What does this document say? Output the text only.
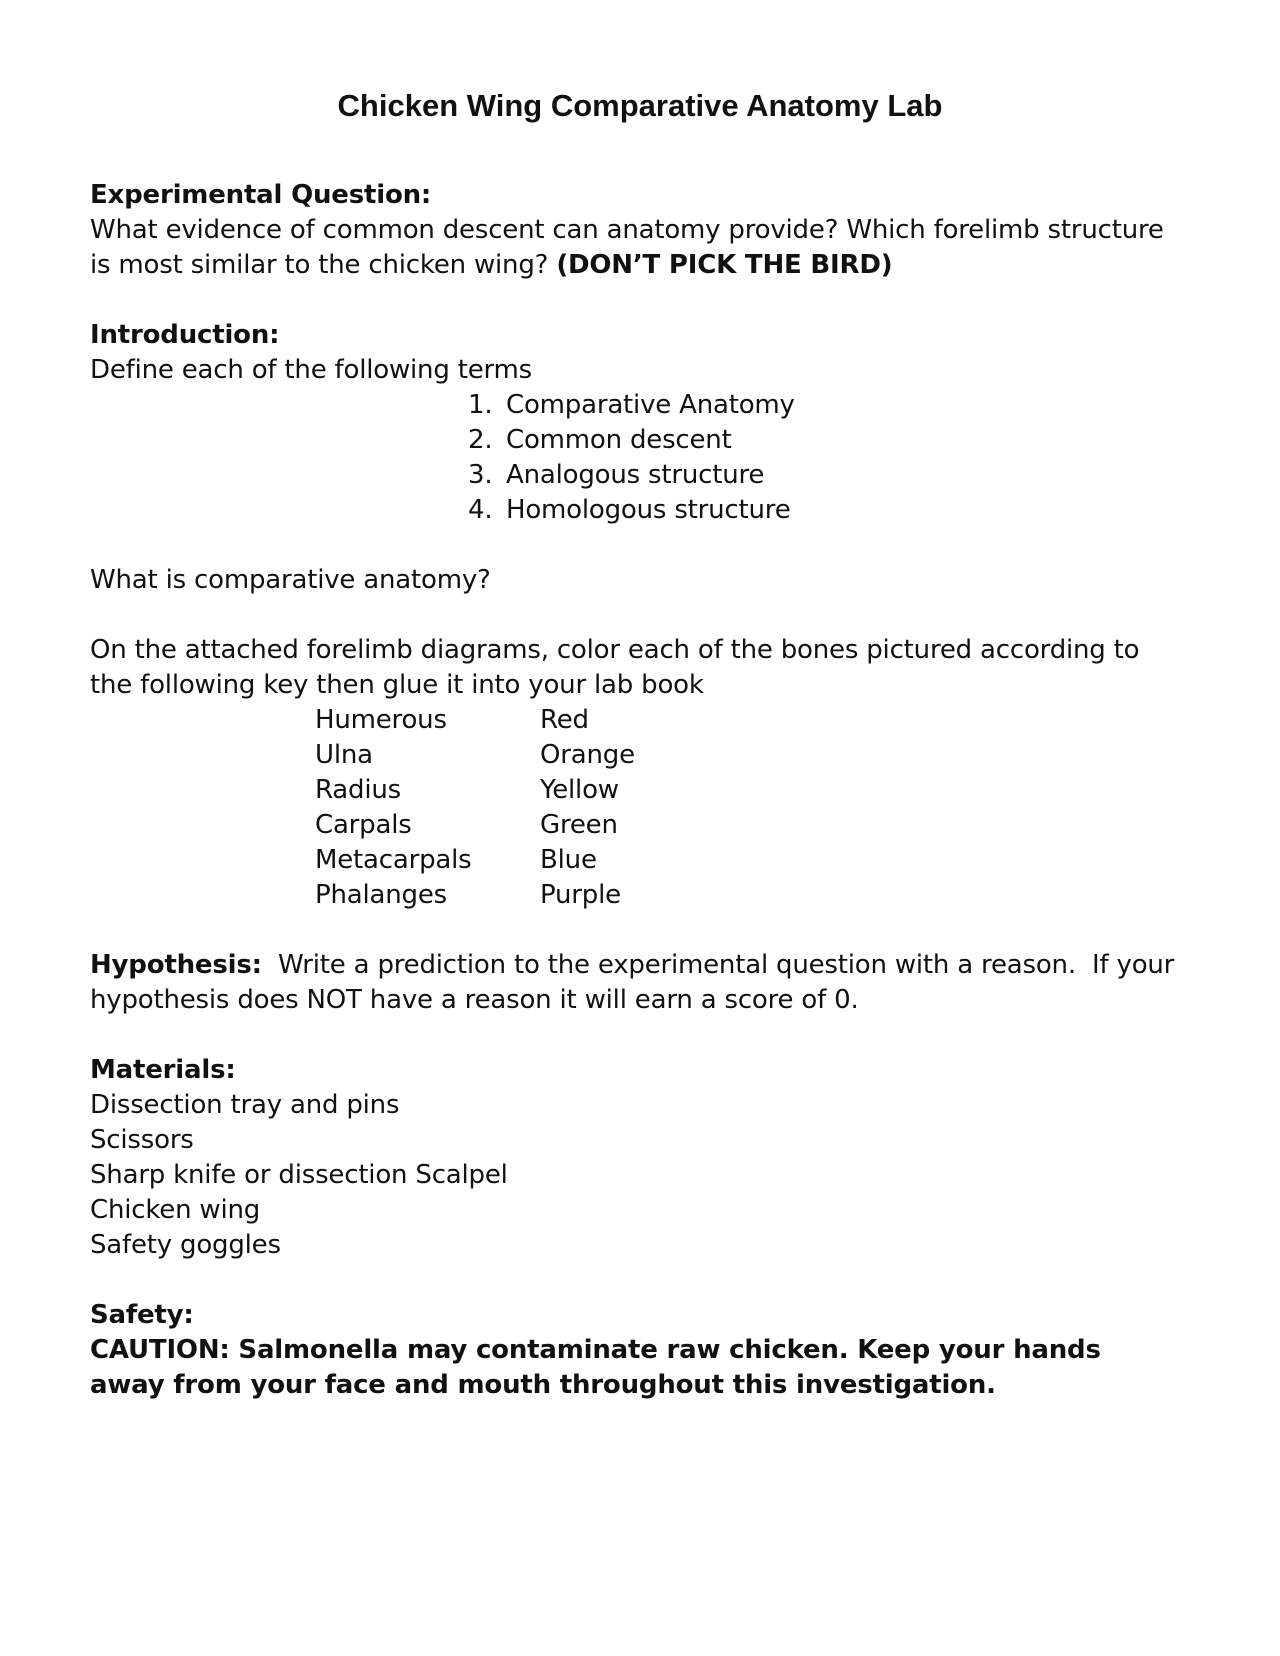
Chicken Wing Comparative Anatomy Lab
Experimental Question:
What evidence of common descent can anatomy provide? Which forelimb structure
is most similar to the chicken wing? (DON’T PICK THE BIRD)
Introduction:
Define each of the following terms
1. Comparative Anatomy
2. Common descent
3. Analogous structure
4. Homologous structure
What is comparative anatomy?
On the attached forelimb diagrams, color each of the bones pictured according to
the following key then glue it into your lab book
Humerous	Red
Ulna	Orange
Radius	Yellow
Carpals	Green
Metacarpals	Blue
Phalanges	Purple
Hypothesis:  Write a prediction to the experimental question with a reason.  If your
hypothesis does NOT have a reason it will earn a score of 0.
Materials:
Dissection tray and pins
Scissors
Sharp knife or dissection Scalpel
Chicken wing
Safety goggles
Safety:
CAUTION: Salmonella may contaminate raw chicken. Keep your hands
away from your face and mouth throughout this investigation.
